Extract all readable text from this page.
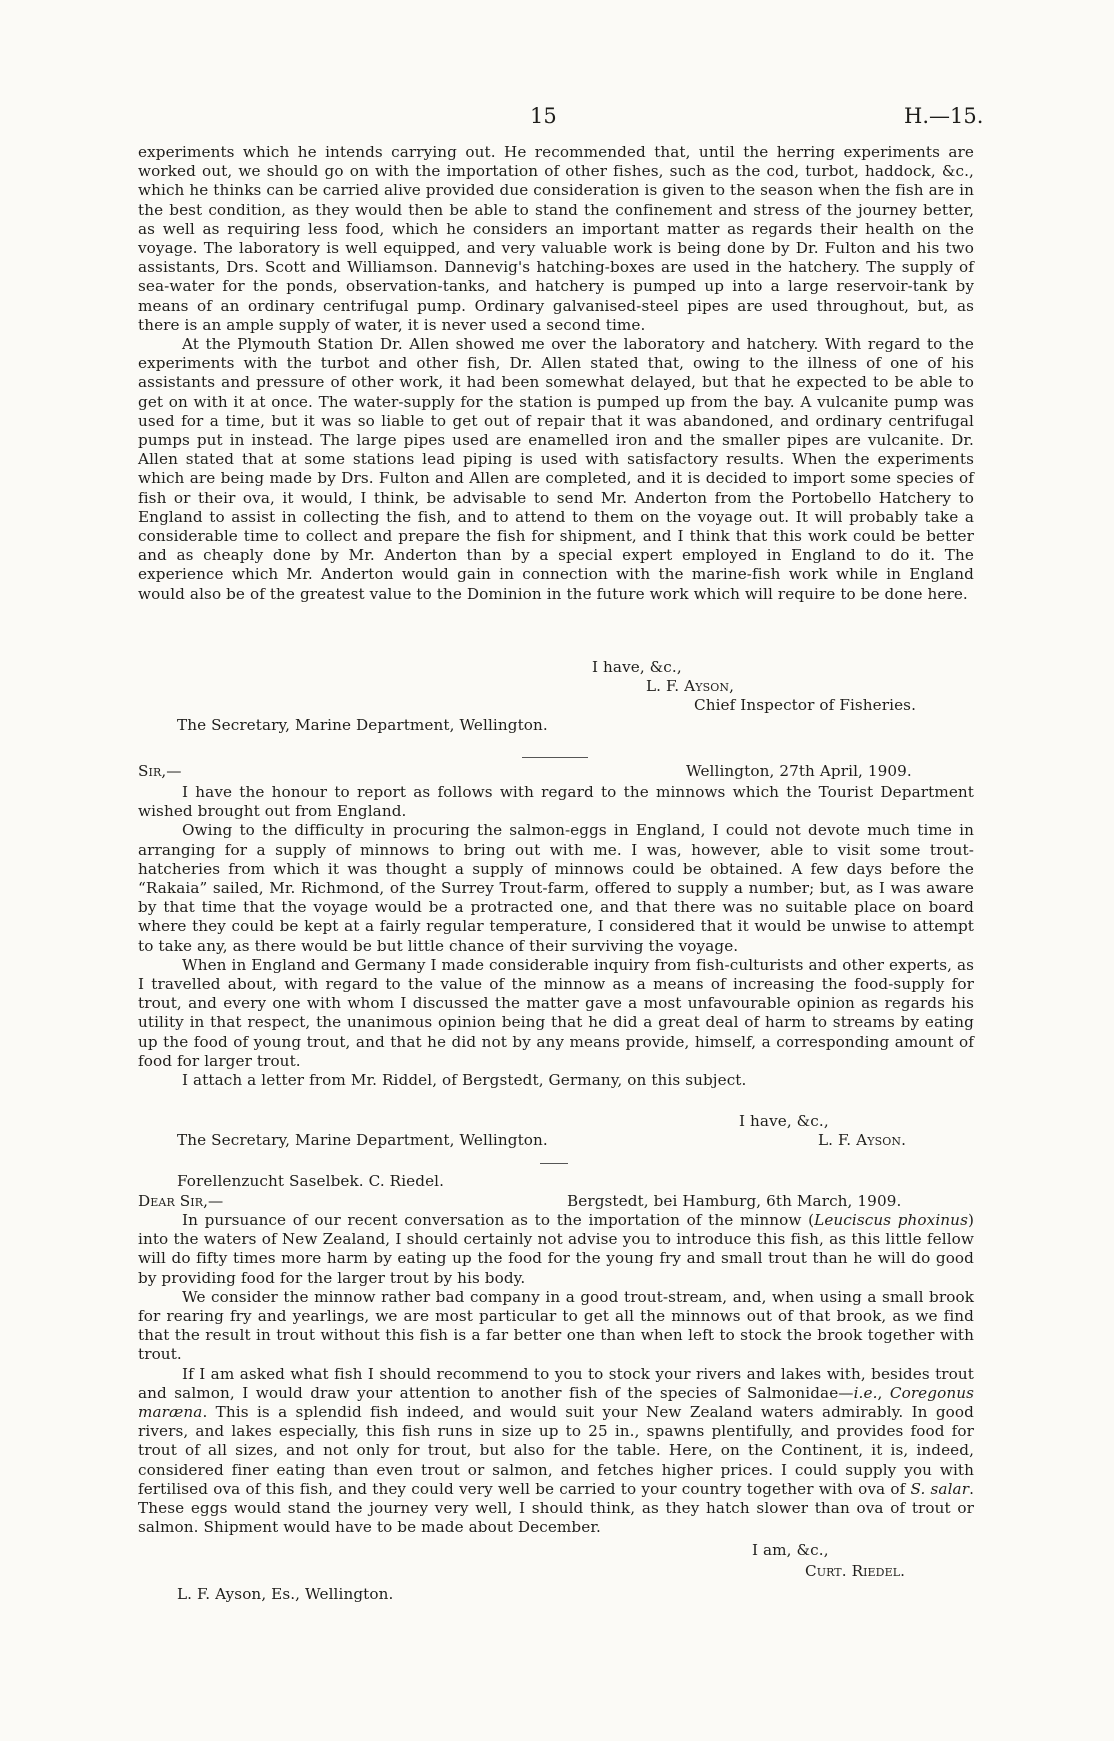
15	H.—15.

experiments which he intends carrying out. He recommended that, until the herring experiments are worked out, we should go on with the importation of other fishes, such as the cod, turbot, haddock, &c., which he thinks can be carried alive provided due consideration is given to the season when the fish are in the best condition, as they would then be able to stand the confinement and stress of the journey better, as well as requiring less food, which he considers an important matter as regards their health on the voyage. The laboratory is well equipped, and very valuable work is being done by Dr. Fulton and his two assistants, Drs. Scott and Williamson. Dannevig's hatching-boxes are used in the hatchery. The supply of sea-water for the ponds, observation-tanks, and hatchery is pumped up into a large reservoir-tank by means of an ordinary centrifugal pump. Ordinary galvanised-steel pipes are used throughout, but, as there is an ample supply of water, it is never used a second time.

At the Plymouth Station Dr. Allen showed me over the laboratory and hatchery. With regard to the experiments with the turbot and other fish, Dr. Allen stated that, owing to the illness of one of his assistants and pressure of other work, it had been somewhat delayed, but that he expected to be able to get on with it at once. The water-supply for the station is pumped up from the bay. A vulcanite pump was used for a time, but it was so liable to get out of repair that it was abandoned, and ordinary centrifugal pumps put in instead. The large pipes used are enamelled iron and the smaller pipes are vulcanite. Dr. Allen stated that at some stations lead piping is used with satisfactory results. When the experiments which are being made by Drs. Fulton and Allen are completed, and it is decided to import some species of fish or their ova, it would, I think, be advisable to send Mr. Anderton from the Portobello Hatchery to England to assist in collecting the fish, and to attend to them on the voyage out. It will probably take a considerable time to collect and prepare the fish for shipment, and I think that this work could be better and as cheaply done by Mr. Anderton than by a special expert employed in England to do it. The experience which Mr. Anderton would gain in connection with the marine-fish work while in England would also be of the greatest value to the Dominion in the future work which will require to be done here.

I have, &c.,
L. F. Ayson,
Chief Inspector of Fisheries.
The Secretary, Marine Department, Wellington.
Sir,—	Wellington, 27th April, 1909.

I have the honour to report as follows with regard to the minnows which the Tourist Department wished brought out from England.

Owing to the difficulty in procuring the salmon-eggs in England, I could not devote much time in arranging for a supply of minnows to bring out with me. I was, however, able to visit some trout-hatcheries from which it was thought a supply of minnows could be obtained. A few days before the “Rakaia” sailed, Mr. Richmond, of the Surrey Trout-farm, offered to supply a number; but, as I was aware by that time that the voyage would be a protracted one, and that there was no suitable place on board where they could be kept at a fairly regular temperature, I considered that it would be unwise to attempt to take any, as there would be but little chance of their surviving the voyage.

When in England and Germany I made considerable inquiry from fish-culturists and other experts, as I travelled about, with regard to the value of the minnow as a means of increasing the food-supply for trout, and every one with whom I discussed the matter gave a most unfavourable opinion as regards his utility in that respect, the unanimous opinion being that he did a great deal of harm to streams by eating up the food of young trout, and that he did not by any means provide, himself, a corresponding amount of food for larger trout.

I attach a letter from Mr. Riddel, of Bergstedt, Germany, on this subject.

I have, &c.,
The Secretary, Marine Department, Wellington.	L. F. Ayson.
Forellenzucht Saselbek. C. Riedel.
Dear Sir,—	Bergstedt, bei Hamburg, 6th March, 1909.

In pursuance of our recent conversation as to the importation of the minnow (Leuciscus phoxinus) into the waters of New Zealand, I should certainly not advise you to introduce this fish, as this little fellow will do fifty times more harm by eating up the food for the young fry and small trout than he will do good by providing food for the larger trout by his body.

We consider the minnow rather bad company in a good trout-stream, and, when using a small brook for rearing fry and yearlings, we are most particular to get all the minnows out of that brook, as we find that the result in trout without this fish is a far better one than when left to stock the brook together with trout.

If I am asked what fish I should recommend to you to stock your rivers and lakes with, besides trout and salmon, I would draw your attention to another fish of the species of Salmonidae—i.e., Coregonus maræna. This is a splendid fish indeed, and would suit your New Zealand waters admirably. In good rivers, and lakes especially, this fish runs in size up to 25 in., spawns plentifully, and provides food for trout of all sizes, and not only for trout, but also for the table. Here, on the Continent, it is, indeed, considered finer eating than even trout or salmon, and fetches higher prices. I could supply you with fertilised ova of this fish, and they could very well be carried to your country together with ova of S. salar. These eggs would stand the journey very well, I should think, as they hatch slower than ova of trout or salmon. Shipment would have to be made about December.

I am, &c.,
Curt. Riedel.
L. F. Ayson, Es., Wellington.
